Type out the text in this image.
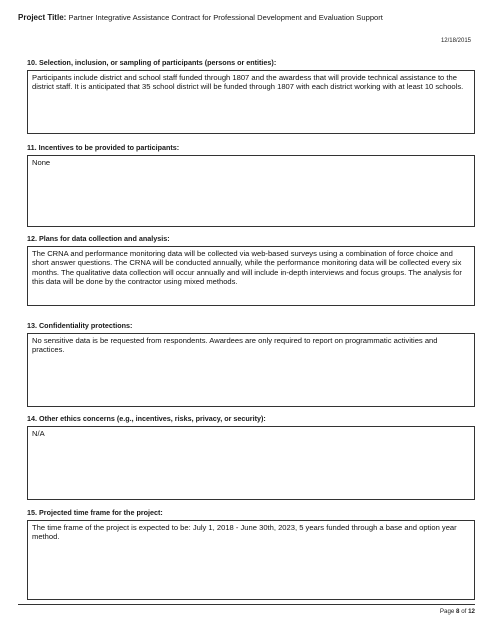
Project Title: Partner Integrative Assistance Contract for Professional Development and Evaluation Support
12/18/2015
10. Selection, inclusion, or sampling of participants (persons or entities):
Participants include district and school staff funded through 1807 and the awardess that will provide technical assistance to the district staff. It is anticipated that 35 school district will be funded through 1807 with each district working with at least 10 schools.
11. Incentives to be provided to participants:
None
12. Plans for data collection and analysis:
The CRNA and performance monitoring data will be collected via web-based surveys using a combination of force choice and short answer questions. The CRNA will be conducted annually, while the performance monitoring data will be collected every six months. The qualitative data collection will occur annually and will include in-depth interviews and focus groups. The analysis for this data will be done by the contractor using mixed methods.
13. Confidentiality protections:
No sensitive data is be requested from respondents. Awardees are only required to report on programmatic activities and practices.
14. Other ethics concerns (e.g., incentives, risks, privacy, or security):
N/A
15. Projected time frame for the project:
The time frame of the project is expected to be: July 1, 2018 - June 30th, 2023, 5 years funded through a base and option year method.
Page 8 of 12
